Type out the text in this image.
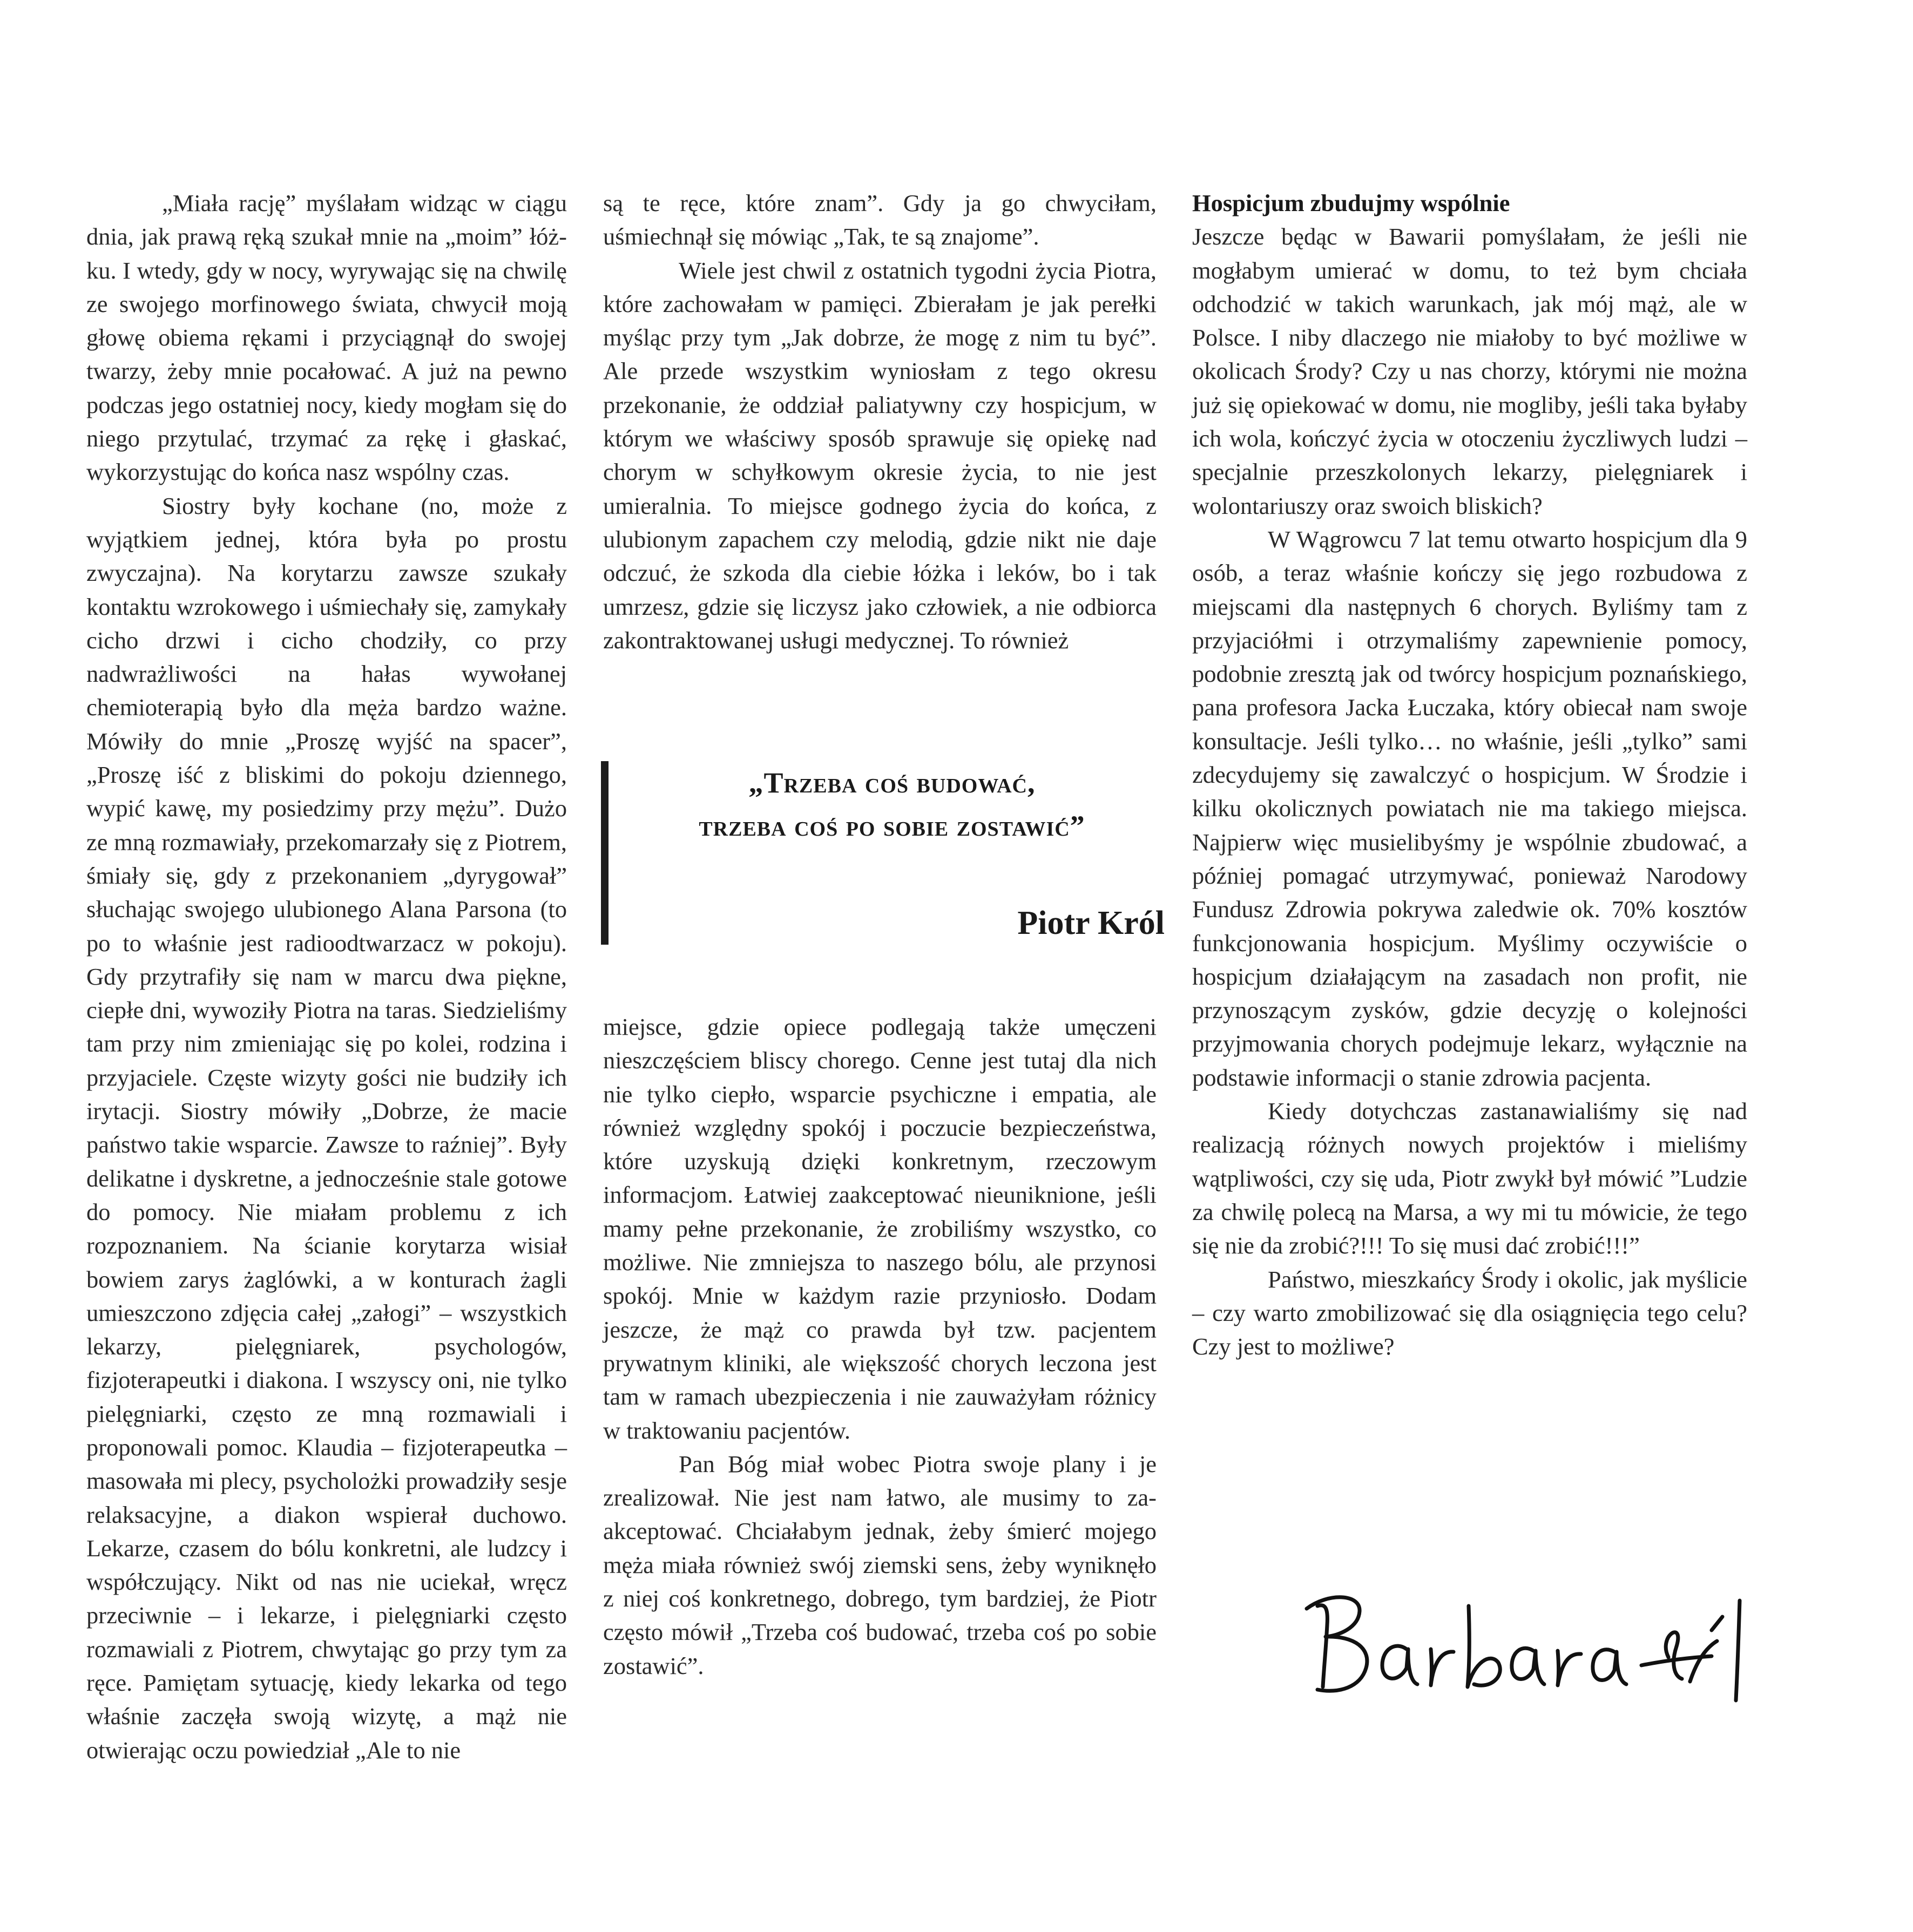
„Miała rację” myślałam widząc w ciągu dnia, jak prawą ręką szukał mnie na „moim” łóżku. I wtedy, gdy w nocy, wyrywając się na chwilę ze swojego morfinowego świata, chwycił moją głowę obiema rękami i przyciągnął do swojej twarzy, żeby mnie pocałować. A już na pewno podczas jego ostatniej nocy, kiedy mogłam się do niego przytulać, trzymać za rękę i głaskać, wykorzystując do końca nasz wspólny czas.

Siostry były kochane (no, może z wyjątkiem jednej, która była po prostu zwyczajna). Na korytarzu zawsze szukały kontaktu wzrokowego i uśmiechały się, zamykały cicho drzwi i cicho chodziły, co przy nadwrażliwości na hałas wywołanej chemioterapią było dla męża bardzo ważne. Mówiły do mnie „Proszę wyjść na spacer”, „Proszę iść z bliskimi do pokoju dziennego, wypić kawę, my posiedzimy przy mężu”. Dużo ze mną rozmawiały, przekomarzały się z Piotrem, śmiały się, gdy z przekonaniem „dyrygował” słuchając swojego ulubionego Alana Parsona (to po to właśnie jest radioodtwarzacz w pokoju). Gdy przytrafiły się nam w marcu dwa piękne, ciepłe dni, wywoziły Piotra na taras. Siedzieliśmy tam przy nim zmieniając się po kolei, rodzina i przyjaciele. Częste wizyty gości nie budziły ich irytacji. Siostry mówiły „Dobrze, że macie państwo takie wsparcie. Zawsze to raźniej”. Były delikatne i dyskretne, a jednocześnie stale gotowe do pomocy. Nie miałam problemu z ich rozpoznaniem. Na ścianie korytarza wisiał bowiem zarys żaglówki, a w konturach żagli umieszczono zdjęcia całej „załogi” – wszystkich lekarzy, pielęgniarek, psychologów, fizjoterapeutki i diakona. I wszyscy oni, nie tylko pielęgniarki, często ze mną rozmawiali i proponowali pomoc. Klaudia – fizjoterapeutka – masowała mi plecy, psycholożki prowadziły sesje relaksacyjne, a diakon wspierał duchowo. Lekarze, czasem do bólu konkretni, ale ludzcy i współczujący. Nikt od nas nie uciekał, wręcz przeciwnie – i lekarze, i pielęgniarki często rozmawiali z Piotrem, chwytając go przy tym za ręce. Pamiętam sytuację, kiedy lekarka od tego właśnie zaczęła swoją wizytę, a mąż nie otwierając oczu powiedział „Ale to nie

są te ręce, które znam”. Gdy ja go chwyciłam, uśmiechnął się mówiąc „Tak, te są znajome”.

Wiele jest chwil z ostatnich tygodni życia Piotra, które zachowałam w pamięci. Zbierałam je jak perełki myśląc przy tym „Jak dobrze, że mogę z nim tu być”. Ale przede wszystkim wyniosłam z tego okresu przekonanie, że oddział paliatywny czy hospicjum, w którym we właściwy sposób sprawuje się opiekę nad chorym w schyłkowym okresie życia, to nie jest umieralnia. To miejsce godnego życia do końca, z ulubionym zapachem czy melodią, gdzie nikt nie daje odczuć, że szkoda dla ciebie łóżka i leków, bo i tak umrzesz, gdzie się liczysz jako człowiek, a nie odbiorca zakontraktowanej usługi medycznej. To również

„Trzeba coś budować,
trzeba coś po sobie zostawić”
Piotr Król

miejsce, gdzie opiece podlegają także umęczeni nieszczęściem bliscy chorego. Cenne jest tutaj dla nich nie tylko ciepło, wsparcie psychiczne i empatia, ale również względny spokój i poczucie bezpieczeństwa, które uzyskują dzięki konkretnym, rzeczowym informacjom. Łatwiej zaakceptować nieuniknione, jeśli mamy pełne przekonanie, że zrobiliśmy wszystko, co możliwe. Nie zmniejsza to naszego bólu, ale przynosi spokój. Mnie w każdym razie przyniosło. Dodam jeszcze, że mąż co prawda był tzw. pacjentem prywatnym kliniki, ale większość chorych leczona jest tam w ramach ubezpieczenia i nie zauważyłam różnicy w traktowaniu pacjentów.

Pan Bóg miał wobec Piotra swoje plany i je zrealizował. Nie jest nam łatwo, ale musimy to zaakceptować. Chciałabym jednak, żeby śmierć mojego męża miała również swój ziemski sens, żeby wyniknęło z niej coś konkretnego, dobrego, tym bardziej, że Piotr często mówił „Trzeba coś budować, trzeba coś po sobie zostawić”.

Hospicjum zbudujmy wspólnie

Jeszcze będąc w Bawarii pomyślałam, że jeśli nie mogłabym umierać w domu, to też bym chciała odchodzić w takich warunkach, jak mój mąż, ale w Polsce. I niby dlaczego nie miałoby to być możliwe w okolicach Środy? Czy u nas chorzy, którymi nie można już się opiekować w domu, nie mogliby, jeśli taka byłaby ich wola, kończyć życia w otoczeniu życzliwych ludzi – specjalnie przeszkolonych lekarzy, pielęgniarek i wolontariuszy oraz swoich bliskich?

W Wągrowcu 7 lat temu otwarto hospicjum dla 9 osób, a teraz właśnie kończy się jego rozbudowa z miejscami dla następnych 6 chorych. Byliśmy tam z przyjaciółmi i otrzymaliśmy zapewnienie pomocy, podobnie zresztą jak od twórcy hospicjum poznańskiego, pana profesora Jacka Łuczaka, który obiecał nam swoje konsultacje. Jeśli tylko… no właśnie, jeśli „tylko” sami zdecydujemy się zawalczyć o hospicjum. W Środzie i kilku okolicznych powiatach nie ma takiego miejsca. Najpierw więc musielibyśmy je wspólnie zbudować, a później pomagać utrzymywać, ponieważ Narodowy Fundusz Zdrowia pokrywa zaledwie ok. 70% kosztów funkcjonowania hospicjum. Myślimy oczywiście o hospicjum działającym na zasadach non profit, nie przynoszącym zysków, gdzie decyzję o kolejności przyjmowania chorych podejmuje lekarz, wyłącznie na podstawie informacji o stanie zdrowia pacjenta.

Kiedy dotychczas zastanawialiśmy się nad realizacją różnych nowych projektów i mieliśmy wątpliwości, czy się uda, Piotr zwykł był mówić ”Ludzie za chwilę polecą na Marsa, a wy mi tu mówicie, że tego się nie da zrobić?!!! To się musi dać zrobić!!!”

Państwo, mieszkańcy Środy i okolic, jak myślicie – czy warto zmobilizować się dla osiągnięcia tego celu? Czy jest to możliwe?
